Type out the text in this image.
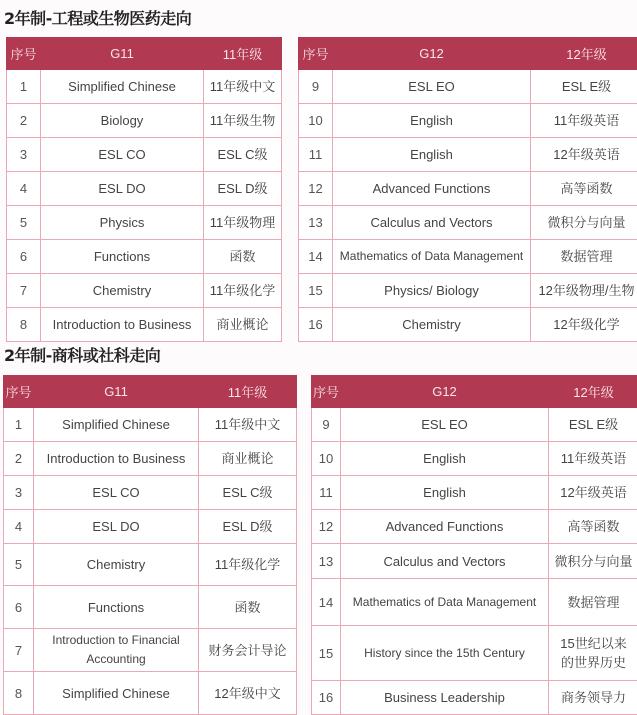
2年制-工程或生物医药走向
2年制-商科或社科走向
序号	G11	11年级
1	Simplified Chinese	11年级中文
2	Biology	11年级生物
3	ESL CO	ESL C级
4	ESL DO	ESL D级
5	Physics	11年级物理
6	Functions	函数
7	Chemistry	11年级化学
8	Introduction to Business	商业概论
序号	G12	12年级
9	ESL EO	ESL E级
10	English	11年级英语
11	English	12年级英语
12	Advanced Functions	高等函数
13	Calculus and Vectors	微积分与向量
14	Mathematics of Data Management	数据管理
15	Physics/ Biology	12年级物理/生物
16	Chemistry	12年级化学
序号	G11	11年级
1	Simplified Chinese	11年级中文
2	Introduction to Business	商业概论
3	ESL CO	ESL C级
4	ESL DO	ESL D级
5	Chemistry	11年级化学
6	Functions	函数
7	Introduction to Financial Accounting	财务会计导论
8	Simplified Chinese	12年级中文
序号	G12	12年级
9	ESL EO	ESL E级
10	English	11年级英语
11	English	12年级英语
12	Advanced Functions	高等函数
13	Calculus and Vectors	微积分与向量
14	Mathematics of Data Management	数据管理
15	History since the 15th Century	15世纪以来的世界历史
16	Business Leadership	商务领导力
